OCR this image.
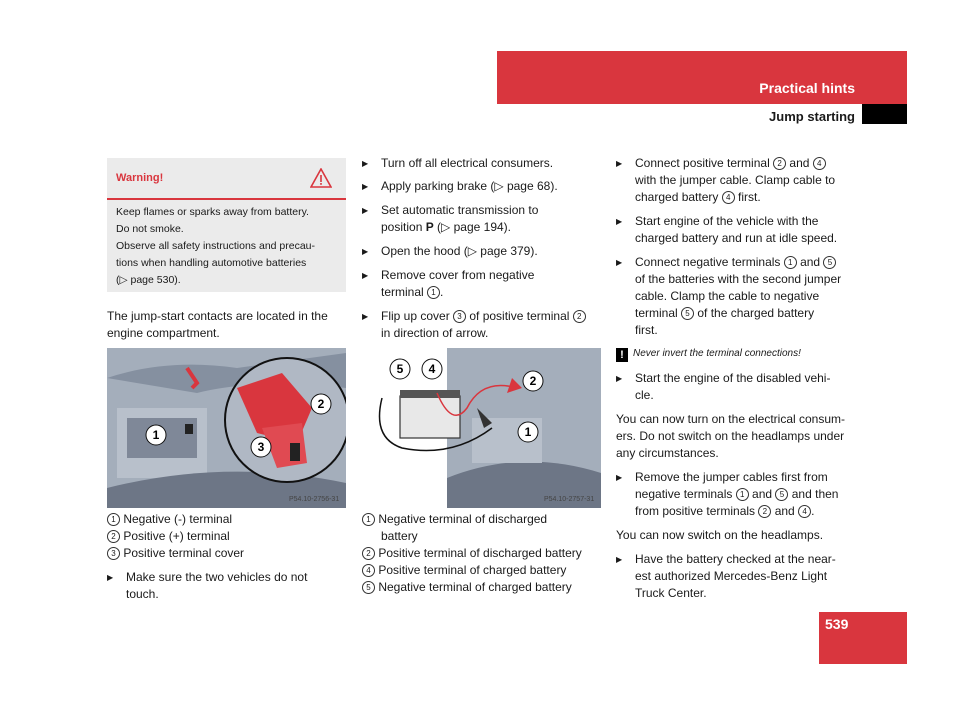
Practical hints
Jump starting
Warning!

Keep flames or sparks away from battery.

Do not smoke.

Observe all safety instructions and precau-

tions when handling automotive batteries

(▷ page 530).

The jump-start contacts are located in the

engine compartment.

1
2
3
P54.10-2756-31

1 Negative (-) terminal

2 Positive (+) terminal

3 Positive terminal cover

▶ Make sure the two vehicles do not

touch.

▶ Turn off all electrical consumers.

▶ Apply parking brake (▷ page 68).

▶ Set automatic transmission to

position P (▷ page 194).

▶ Open the hood (▷ page 379).

▶ Remove cover from negative

terminal 1 .

▶ Flip up cover 3 of positive terminal 2

in direction of arrow.

5 4
2
1
P54.10-2757-31

1 Negative terminal of discharged

battery

2 Positive terminal of discharged battery

4 Positive terminal of charged battery

5 Negative terminal of charged battery

▶ Connect positive terminal 2 and 4

with the jumper cable. Clamp cable to

charged battery 4 first.

▶ Start engine of the vehicle with the

charged battery and run at idle speed.

▶ Connect negative terminals 1 and 5

of the batteries with the second jumper

cable. Clamp the cable to negative

terminal 5 of the charged battery

first.

! Never invert the terminal connections!

▶ Start the engine of the disabled vehi-

cle.

You can now turn on the electrical consum-

ers. Do not switch on the headlamps under

any circumstances.

▶ Remove the jumper cables first from

negative terminals 1 and 5 and then

from positive terminals 2 and 4 .

You can now switch on the headlamps.

▶ Have the battery checked at the near-

est authorized Mercedes-Benz Light

Truck Center.

539
